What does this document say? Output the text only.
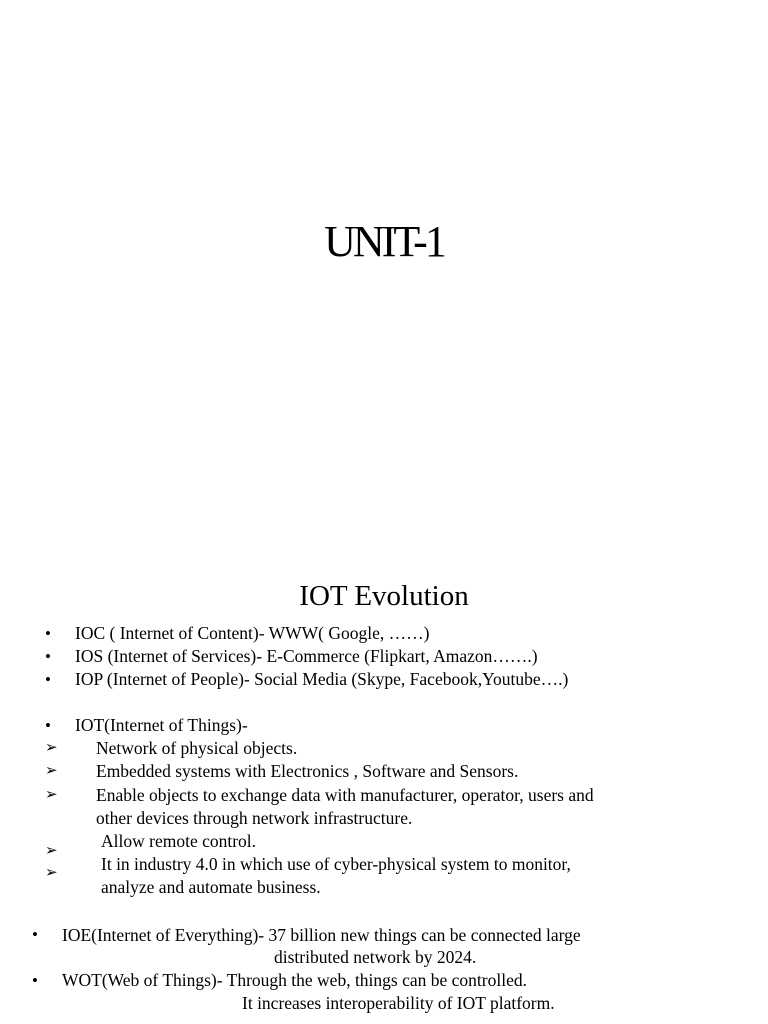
UNIT-1
IOT Evolution
• IOC ( Internet of Content)- WWW( Google, ……)
• IOS (Internet of Services)- E-Commerce (Flipkart, Amazon…….)
• IOP (Internet of People)- Social Media (Skype, Facebook,Youtube….)
• IOT(Internet of Things)-
➢ Network of physical objects.
➢ Embedded systems with Electronics , Software and Sensors.
➢ Enable objects to exchange data with manufacturer, operator, users and
other devices through network infrastructure.
➢ Allow remote control.
➢ It in industry 4.0 in which use of cyber-physical system to monitor,
analyze and automate business.
• IOE(Internet of Everything)- 37 billion new things can be connected large
distributed network by 2024.
• WOT(Web of Things)- Through the web, things can be controlled.
It increases interoperability of IOT platform.
